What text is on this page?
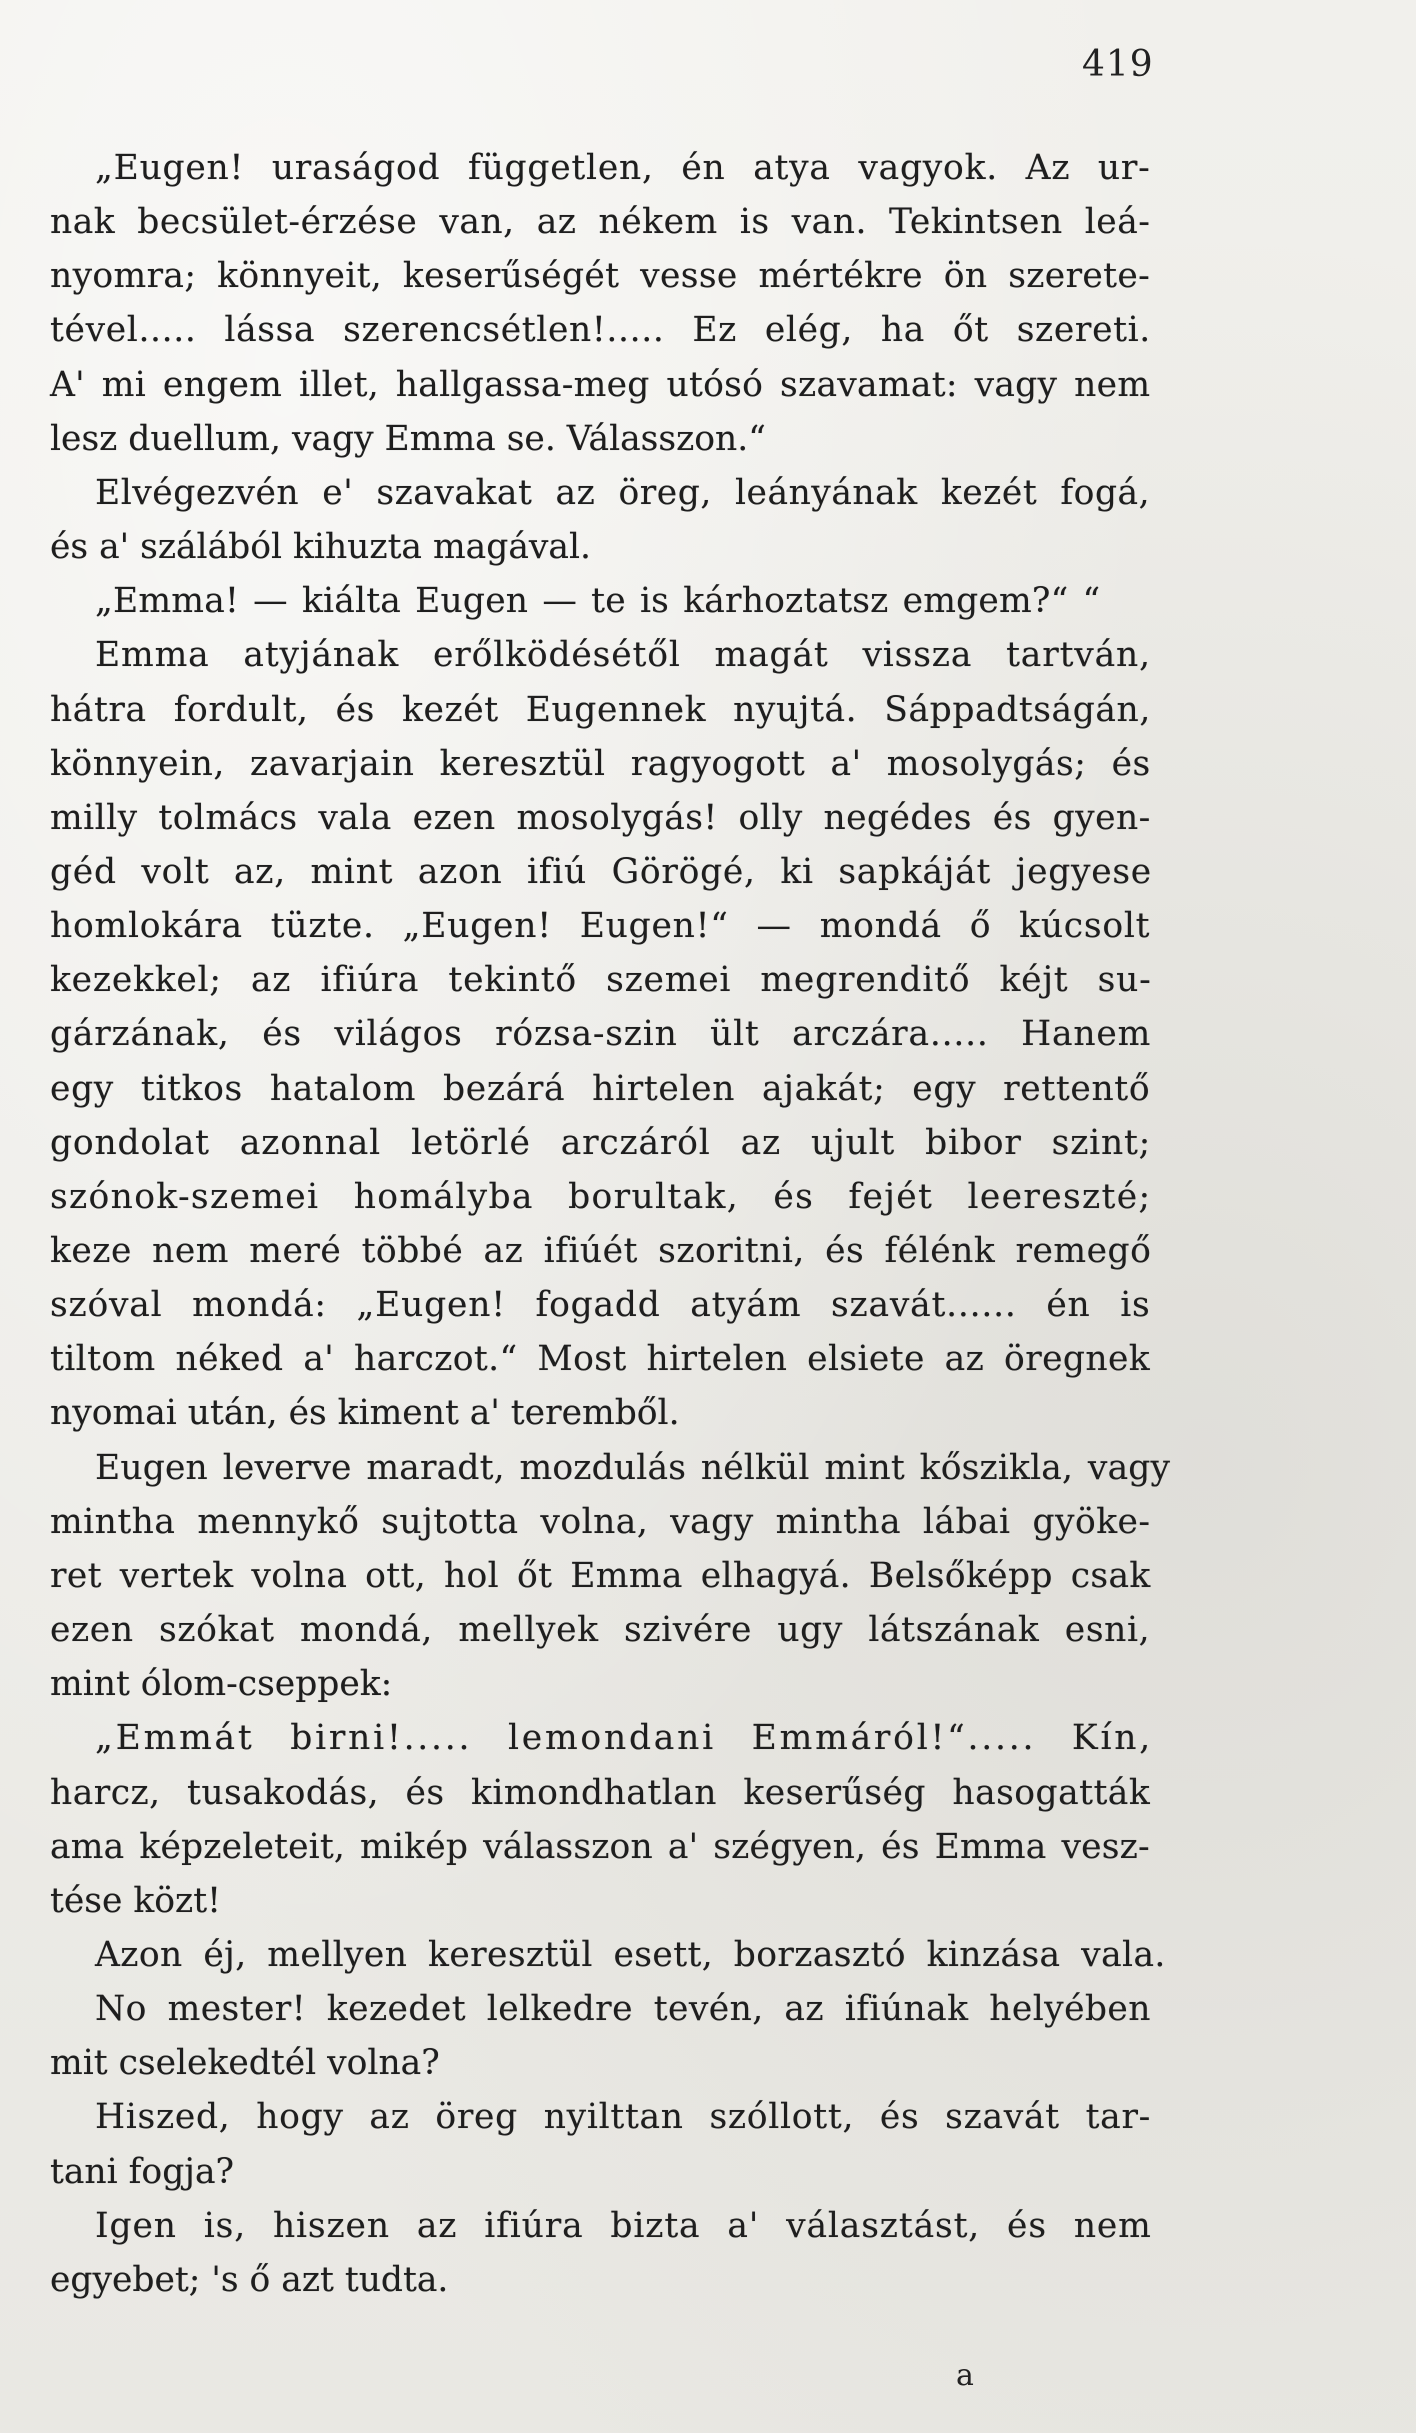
419
„Eugen! uraságod független, én atya vagyok. Az ur-
nak becsület-érzése van, az nékem is van. Tekintsen leá-
nyomra; könnyeit, keserűségét vesse mértékre ön szerete-
tével..... lássa szerencsétlen!..... Ez elég, ha őt szereti.
A' mi engem illet, hallgassa-meg utósó szavamat: vagy nem
lesz duellum, vagy Emma se. Válasszon.“
Elvégezvén e' szavakat az öreg, leányának kezét fogá,
és a' szálából kihuzta magával.
„Emma! — kiálta Eugen — te is kárhoztatsz emgem?“ “
Emma atyjának erőlködésétől magát vissza tartván,
hátra fordult, és kezét Eugennek nyujtá. Sáppadtságán,
könnyein, zavarjain keresztül ragyogott a' mosolygás; és
milly tolmács vala ezen mosolygás! olly negédes és gyen-
géd volt az, mint azon ifiú Görögé, ki sapkáját jegyese
homlokára tüzte. „Eugen! Eugen!“ — mondá ő kúcsolt
kezekkel; az ifiúra tekintő szemei megrenditő kéjt su-
gárzának, és világos rózsa-szin ült arczára..... Hanem
egy titkos hatalom bezárá hirtelen ajakát; egy rettentő
gondolat azonnal letörlé arczáról az ujult bibor szint;
szónok-szemei homályba borultak, és fejét leereszté;
keze nem meré többé az ifiúét szoritni, és félénk remegő
szóval mondá: „Eugen! fogadd atyám szavát...... én is
tiltom néked a' harczot.“ Most hirtelen elsiete az öregnek
nyomai után, és kiment a' teremből.
Eugen leverve maradt, mozdulás nélkül mint kőszikla, vagy
mintha mennykő sujtotta volna, vagy mintha lábai gyöke-
ret vertek volna ott, hol őt Emma elhagyá. Belsőképp csak
ezen szókat mondá, mellyek szivére ugy látszának esni,
mint ólom-cseppek:
„Emmát birni!..... lemondani Emmáról!“..... Kín,
harcz, tusakodás, és kimondhatlan keserűség hasogatták
ama képzeleteit, mikép válasszon a' szégyen, és Emma vesz-
tése közt!
Azon éj, mellyen keresztül esett, borzasztó kinzása vala.
No mester! kezedet lelkedre tevén, az ifiúnak helyében
mit cselekedtél volna?
Hiszed, hogy az öreg nyilttan szóllott, és szavát tar-
tani fogja?
Igen is, hiszen az ifiúra bizta a' választást, és nem
egyebet; 's ő azt tudta.
a
